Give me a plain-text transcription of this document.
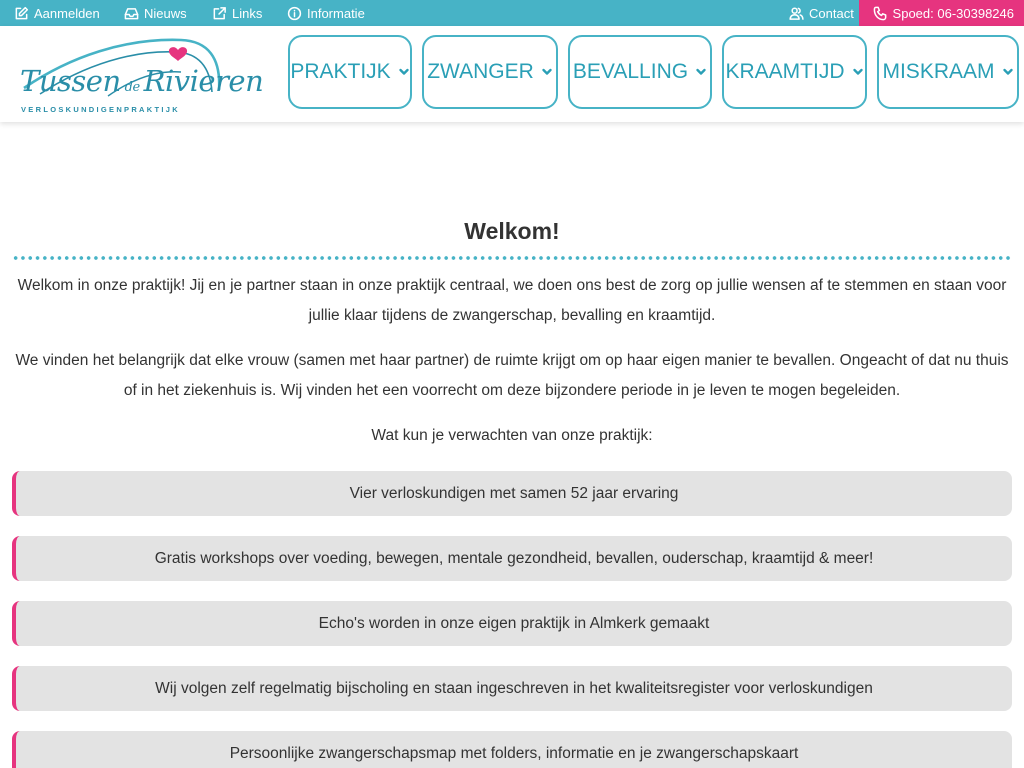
Aanmelden	Nieuws	Links	Informatie	Contact	Spoed: 06-30398246
Tussen de Rivieren
VERLOSKUNDIGENPRAKTIJK
PRAKTIJK ZWANGER BEVALLING KRAAMTIJD MISKRAAM
Welkom!

Welkom in onze praktijk! Jij en je partner staan in onze praktijk centraal, we doen ons best de zorg op jullie wensen af te stemmen en staan voor jullie klaar tijdens de zwangerschap, bevalling en kraamtijd.

We vinden het belangrijk dat elke vrouw (samen met haar partner) de ruimte krijgt om op haar eigen manier te bevallen. Ongeacht of dat nu thuis of in het ziekenhuis is. Wij vinden het een voorrecht om deze bijzondere periode in je leven te mogen begeleiden.

Wat kun je verwachten van onze praktijk:

Vier verloskundigen met samen 52 jaar ervaring
Gratis workshops over voeding, bewegen, mentale gezondheid, bevallen, ouderschap, kraamtijd & meer!
Echo's worden in onze eigen praktijk in Almkerk gemaakt
Wij volgen zelf regelmatig bijscholing en staan ingeschreven in het kwaliteitsregister voor verloskundigen
Persoonlijke zwangerschapsmap met folders, informatie en je zwangerschapskaart
